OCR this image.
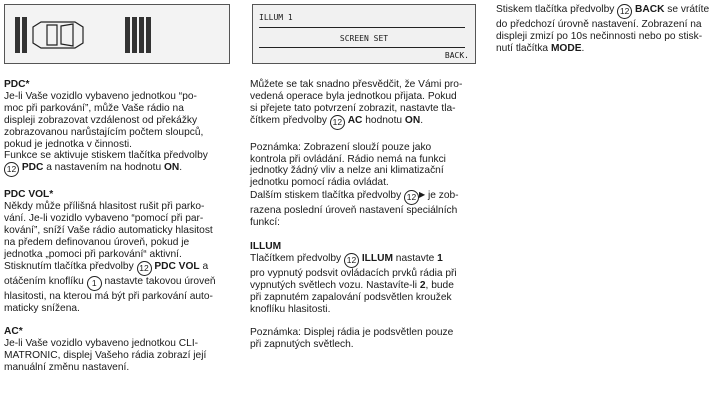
ILLUM 1
SCREEN SET
BACK.

PDC*

Je-li Vaše vozidlo vybaveno jednotkou “po-
moc při parkování”, může Vaše rádio na
displeji zobrazovat vzdálenost od překážky
zobrazovanou narůstajícím počtem sloupců,
pokud je jednotka v činnosti.
Funkce se aktivuje stiskem tlačítka předvolby
12 PDC a nastavením na hodnotu ON.

PDC VOL*

Někdy může přílišná hlasitost rušit při parko-
vání. Je-li vozidlo vybaveno “pomocí při par-
kování”, sníží Vaše rádio automaticky hlasitost
na předem definovanou úroveň, pokud je
jednotka „pomoci při parkování“ aktivní.
Stisknutím tlačítka předvolby 12 PDC VOL a
otáčením knoflíku 1 nastavte takovou úroveň
hlasitosti, na kterou má být při parkování auto-
maticky snížena.

AC*

Je-li Vaše vozidlo vybaveno jednotkou CLI-
MATRONIC, displej Vašeho rádia zobrazí její
manuální změnu nastavení.

Můžete se tak snadno přesvědčit, že Vámi pro-
vedená operace byla jednotkou přijata. Pokud
si přejete tato potvrzení zobrazit, nastavte tla-
čítkem předvolby 12 AC hodnotu ON.

Poznámka: Zobrazení slouží pouze jako
kontrola při ovládání. Rádio nemá na funkci
jednotky žádný vliv a nelze ani klimatizační
jednotku pomocí rádia ovládat.

Dalším stiskem tlačítka předvolby 12 ▶ je zob-
razena poslední úroveň nastavení speciálních
funkcí:

ILLUM

Tlačítkem předvolby 12 ILLUM nastavte 1
pro vypnutý podsvit ovládacích prvků rádia při
vypnutých světlech vozu. Nastavíte-li 2, bude
při zapnutém zapalování podsvětlen kroužek
knoflíku hlasitosti.

Poznámka: Displej rádia je podsvětlen pouze
při zapnutých světlech.

Stiskem tlačítka předvolby 12 BACK se vrátíte
do předchozí úrovně nastavení. Zobrazení na
displeji zmizí po 10s nečinnosti nebo po stisk-
nutí tlačítka MODE.
